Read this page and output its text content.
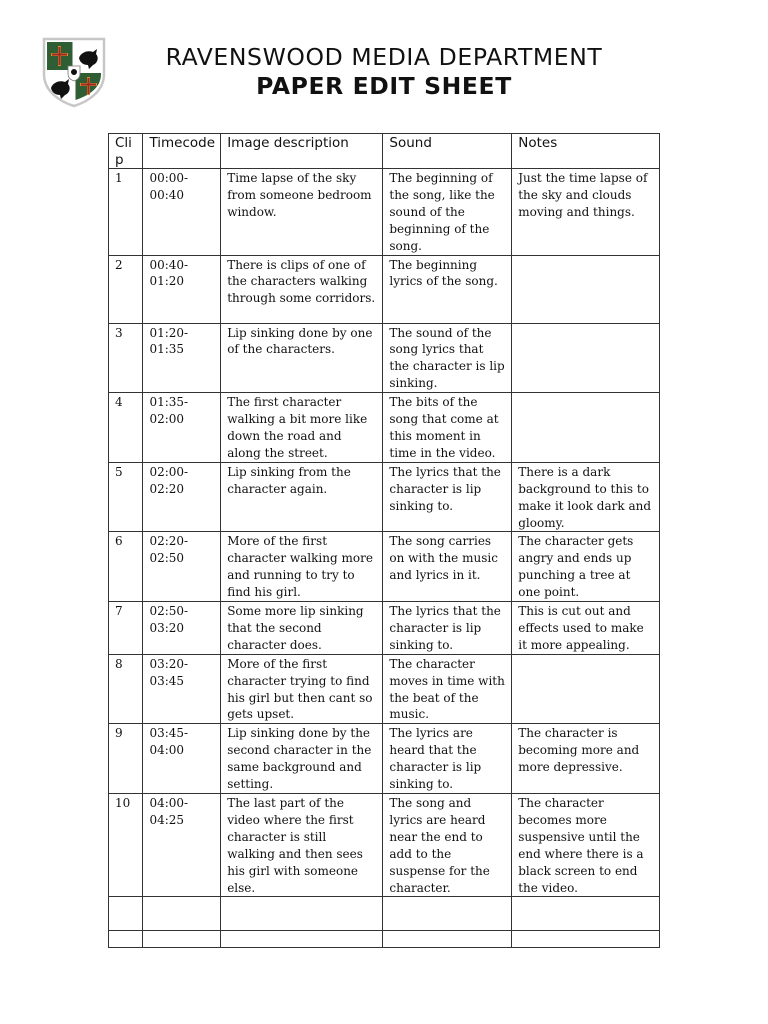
RAVENSWOOD MEDIA DEPARTMENT
PAPER EDIT SHEET
Clip	Timecode	Image description	Sound	Notes
1	00:00-00:40	Time lapse of the sky from someone bedroom window.	The beginning of the song, like the sound of the beginning of the song.	Just the time lapse of the sky and clouds moving and things.
2	00:40-01:20	There is clips of one of the characters walking through some corridors.	The beginning lyrics of the song.	
3	01:20-01:35	Lip sinking done by one of the characters.	The sound of the song lyrics that the character is lip sinking.	
4	01:35-02:00	The first character walking a bit more like down the road and along the street.	The bits of the song that come at this moment in time in the video.	
5	02:00-02:20	Lip sinking from the character again.	The lyrics that the character is lip sinking to.	There is a dark background to this to make it look dark and gloomy.
6	02:20-02:50	More of the first character walking more and running to try to find his girl.	The song carries on with the music and lyrics in it.	The character gets angry and ends up punching a tree at one point.
7	02:50-03:20	Some more lip sinking that the second character does.	The lyrics that the character is lip sinking to.	This is cut out and effects used to make it more appealing.
8	03:20-03:45	More of the first character trying to find his girl but then cant so gets upset.	The character moves in time with the beat of the music.	
9	03:45-04:00	Lip sinking done by the second character in the same background and setting.	The lyrics are heard that the character is lip sinking to.	The character is becoming more and more depressive.
10	04:00-04:25	The last part of the video where the first character is still walking and then sees his girl with someone else.	The song and lyrics are heard near the end to add to the suspense for the character.	The character becomes more suspensive until the end where there is a black screen to end the video.
